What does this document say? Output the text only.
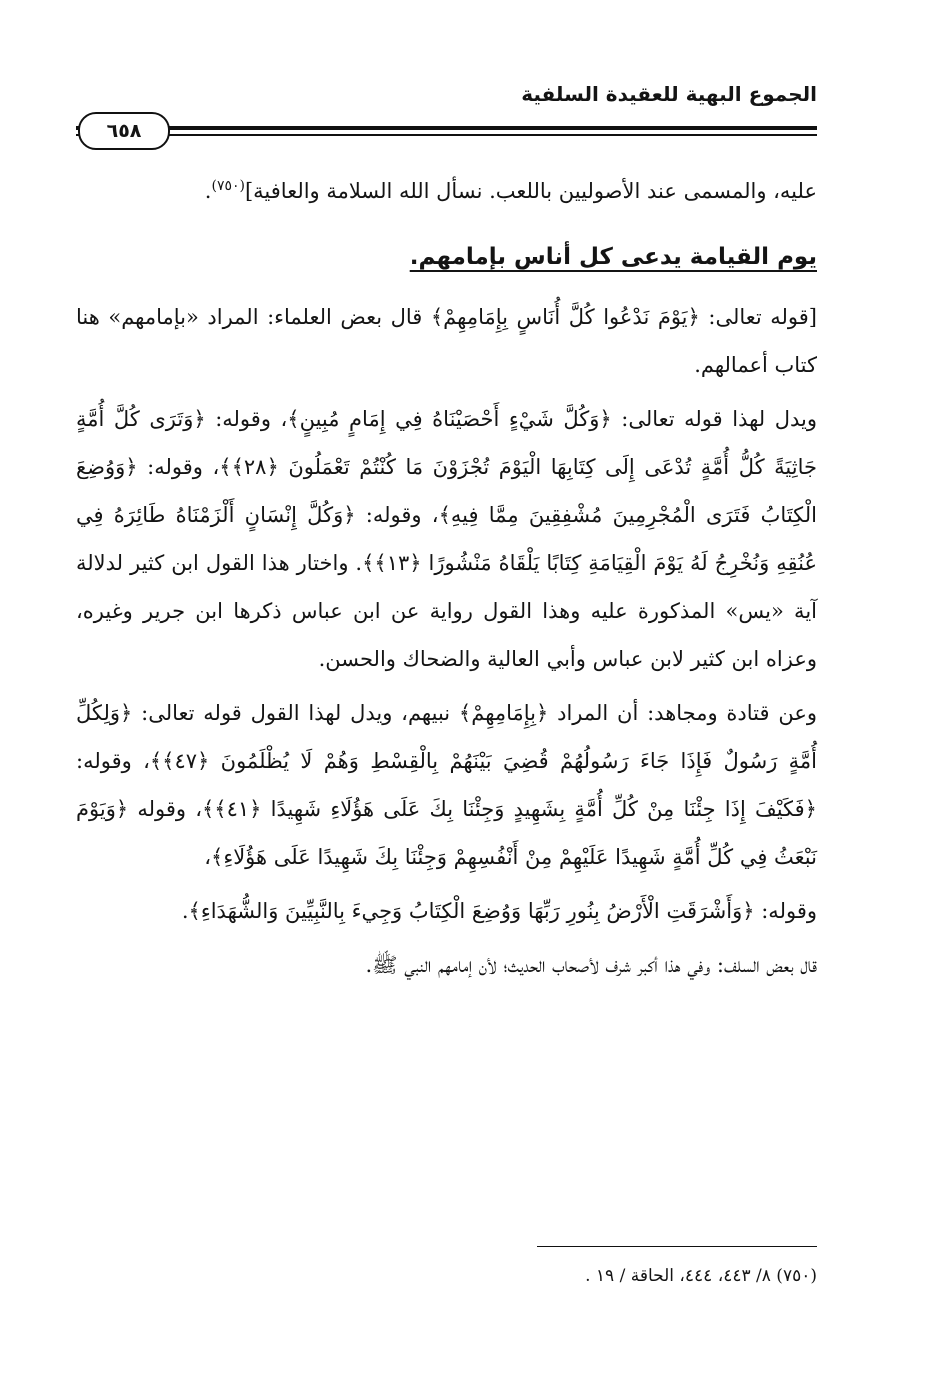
الجموع البهية للعقيدة السلفية
٦٥٨

عليه، والمسمى عند الأصوليين باللعب. نسأل الله السلامة والعافية]$^{(٧٥٠)}$.

يوم القيامة يدعى كل أناس بإمامهم.

[قوله تعالى: ﴿يَوْمَ نَدْعُوا كُلَّ أُنَاسٍ بِإِمَامِهِمْ﴾ قال بعض العلماء: المراد «بإمامهم» هنا كتاب أعمالهم.

ويدل لهذا قوله تعالى: ﴿وَكُلَّ شَيْءٍ أَحْصَيْنَاهُ فِي إِمَامٍ مُبِينٍ﴾، وقوله: ﴿وَتَرَى كُلَّ أُمَّةٍ جَاثِيَةً كُلُّ أُمَّةٍ تُدْعَى إِلَى كِتَابِهَا الْيَوْمَ تُجْزَوْنَ مَا كُنْتُمْ تَعْمَلُونَ ﴿٢٨﴾﴾، وقوله: ﴿وَوُضِعَ الْكِتَابُ فَتَرَى الْمُجْرِمِينَ مُشْفِقِينَ مِمَّا فِيهِ﴾، وقوله: ﴿وَكُلَّ إِنْسَانٍ أَلْزَمْنَاهُ طَائِرَهُ فِي عُنُقِهِ وَنُخْرِجُ لَهُ يَوْمَ الْقِيَامَةِ كِتَابًا يَلْقَاهُ مَنْشُورًا ﴿١٣﴾﴾. واختار هذا القول ابن كثير لدلالة آية «يس» المذكورة عليه وهذا القول رواية عن ابن عباس ذكرها ابن جرير وغيره، وعزاه ابن كثير لابن عباس وأبي العالية والضحاك والحسن.

وعن قتادة ومجاهد: أن المراد ﴿بِإِمَامِهِمْ﴾ نبيهم، ويدل لهذا القول قوله تعالى: ﴿وَلِكُلِّ أُمَّةٍ رَسُولٌ فَإِذَا جَاءَ رَسُولُهُمْ قُضِيَ بَيْنَهُمْ بِالْقِسْطِ وَهُمْ لَا يُظْلَمُونَ ﴿٤٧﴾﴾، وقوله: ﴿فَكَيْفَ إِذَا جِئْنَا مِنْ كُلِّ أُمَّةٍ بِشَهِيدٍ وَجِئْنَا بِكَ عَلَى هَؤُلَاءِ شَهِيدًا ﴿٤١﴾﴾، وقوله ﴿وَيَوْمَ نَبْعَثُ فِي كُلِّ أُمَّةٍ شَهِيدًا عَلَيْهِمْ مِنْ أَنْفُسِهِمْ وَجِئْنَا بِكَ شَهِيدًا عَلَى هَؤُلَاءِ﴾،

وقوله: ﴿وَأَشْرَقَتِ الْأَرْضُ بِنُورِ رَبِّهَا وَوُضِعَ الْكِتَابُ وَجِيءَ بِالنَّبِيِّينَ وَالشُّهَدَاءِ﴾.

قال بعض السلف: وفي هذا أكبر شرف لأصحاب الحديث؛ لأن إمامهم النبي ﷺ.

(٧٥٠) ٨/ ٤٤٣، ٤٤٤، الحاقة / ١٩ .
